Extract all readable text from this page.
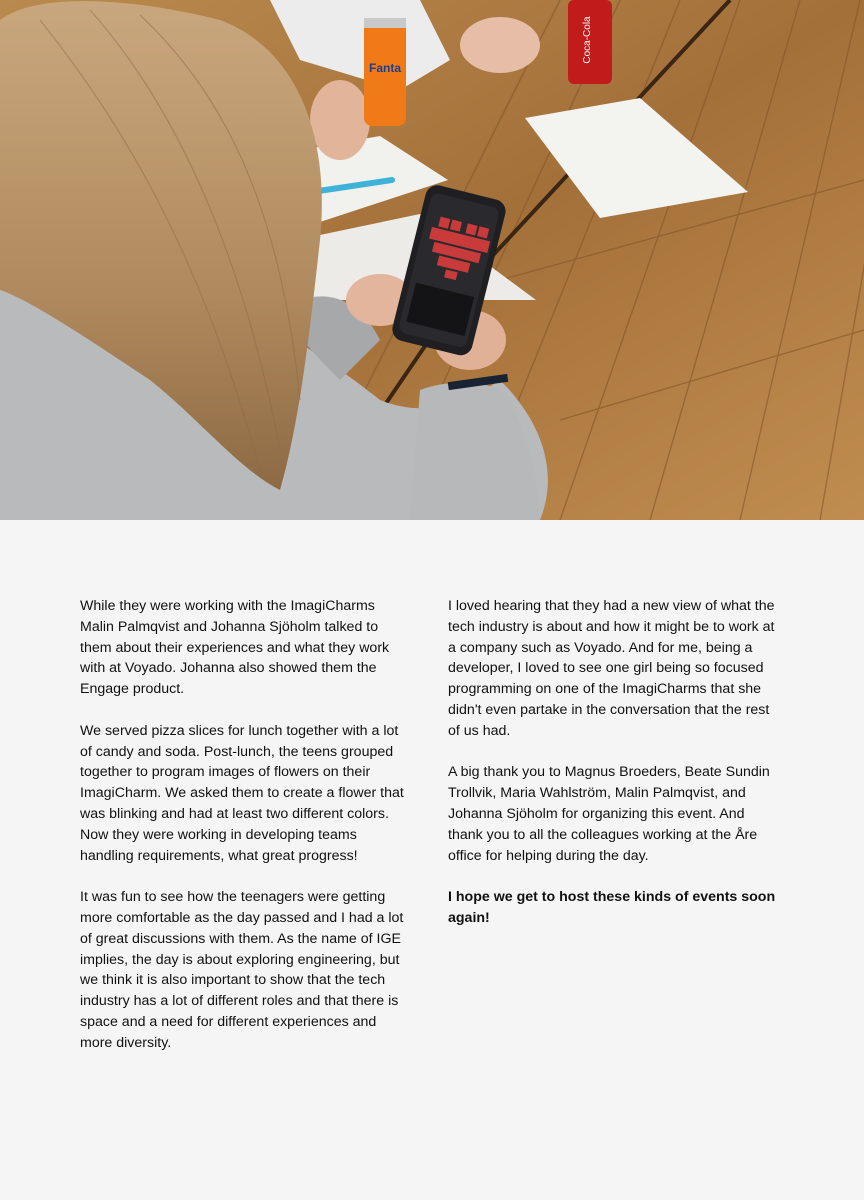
Fanta
Coca-Cola

While they were working with the ImagiCharms Malin Palmqvist and Johanna Sjöholm talked to them about their experiences and what they work with at Voyado. Johanna also showed them the Engage product.

We served pizza slices for lunch together with a lot of candy and soda. Post-lunch, the teens grouped together to program images of flowers on their ImagiCharm. We asked them to create a flower that was blinking and had at least two different colors. Now they were working in developing teams handling requirements, what great progress!

It was fun to see how the teenagers were getting more comfortable as the day passed and I had a lot of great discussions with them. As the name of IGE implies, the day is about exploring engineering, but we think it is also important to show that the tech industry has a lot of different roles and that there is space and a need for different experiences and more diversity.

I loved hearing that they had a new view of what the tech industry is about and how it might be to work at a company such as Voyado. And for me, being a developer, I loved to see one girl being so focused programming on one of the ImagiCharms that she didn't even partake in the conversation that the rest of us had.

A big thank you to Magnus Broeders, Beate Sundin Trollvik, Maria Wahlström, Malin Palmqvist, and Johanna Sjöholm for organizing this event. And thank you to all the colleagues working at the Åre office for helping during the day.

I hope we get to host these kinds of events soon again!
